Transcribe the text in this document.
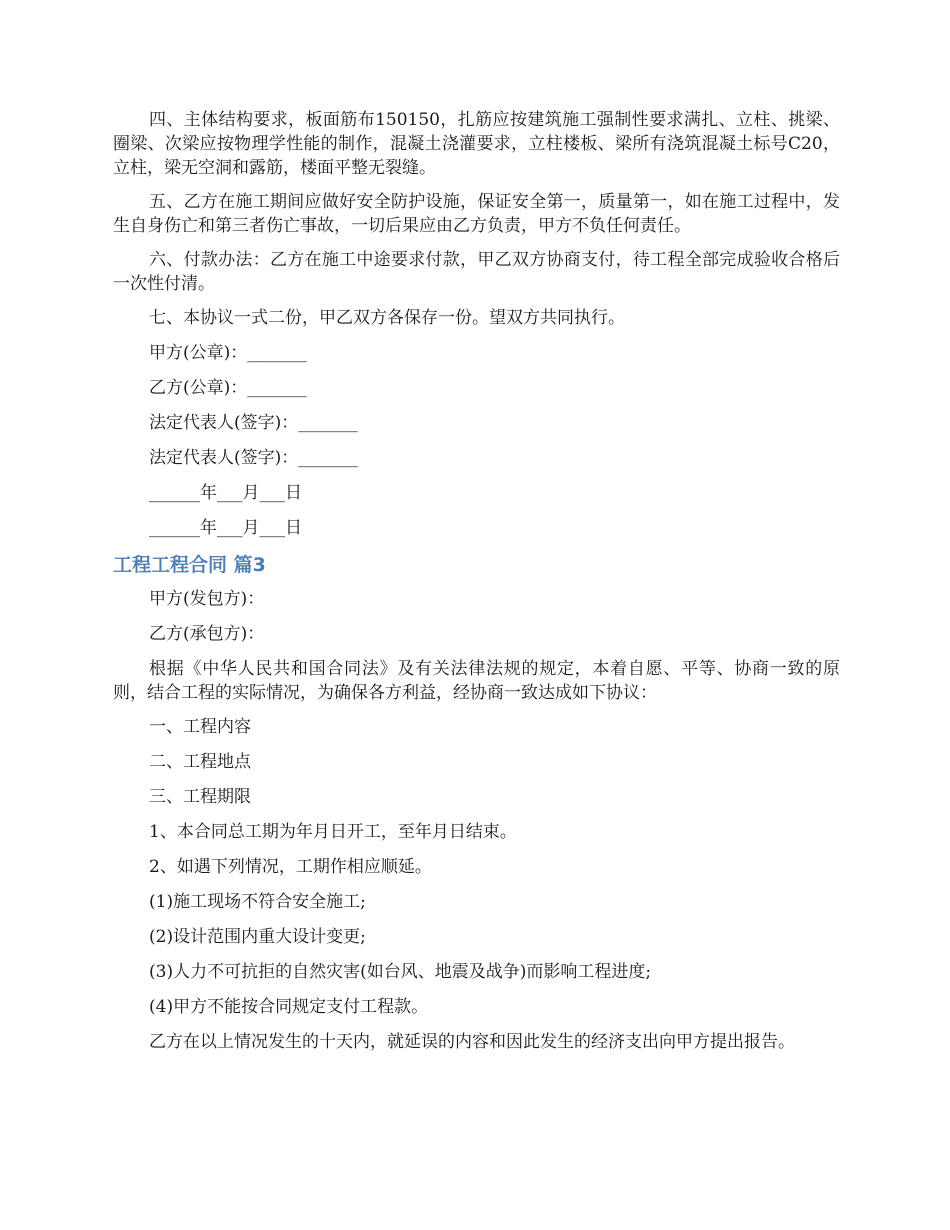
四、主体结构要求，板面筋布150150，扎筋应按建筑施工强制性要求满扎、立柱、挑梁、圈梁、次梁应按物理学性能的制作，混凝土浇灌要求，立柱楼板、梁所有浇筑混凝土标号C20，立柱，梁无空洞和露筋，楼面平整无裂缝。

五、乙方在施工期间应做好安全防护设施，保证安全第一，质量第一，如在施工过程中，发生自身伤亡和第三者伤亡事故，一切后果应由乙方负责，甲方不负任何责任。

六、付款办法：乙方在施工中途要求付款，甲乙双方协商支付，待工程全部完成验收合格后一次性付清。

七、本协议一式二份，甲乙双方各保存一份。望双方共同执行。

甲方(公章)：_______

乙方(公章)：_______

法定代表人(签字)：_______

法定代表人(签字)：_______

______年___月___日

______年___月___日

工程工程合同 篇3

甲方(发包方)：

乙方(承包方)：

根据《中华人民共和国合同法》及有关法律法规的规定，本着自愿、平等、协商一致的原则，结合工程的实际情况，为确保各方利益，经协商一致达成如下协议：

一、工程内容

二、工程地点

三、工程期限

1、本合同总工期为年月日开工，至年月日结束。

2、如遇下列情况，工期作相应顺延。

(1)施工现场不符合安全施工;

(2)设计范围内重大设计变更;

(3)人力不可抗拒的自然灾害(如台风、地震及战争)而影响工程进度;

(4)甲方不能按合同规定支付工程款。

乙方在以上情况发生的十天内，就延误的内容和因此发生的经济支出向甲方提出报告。
